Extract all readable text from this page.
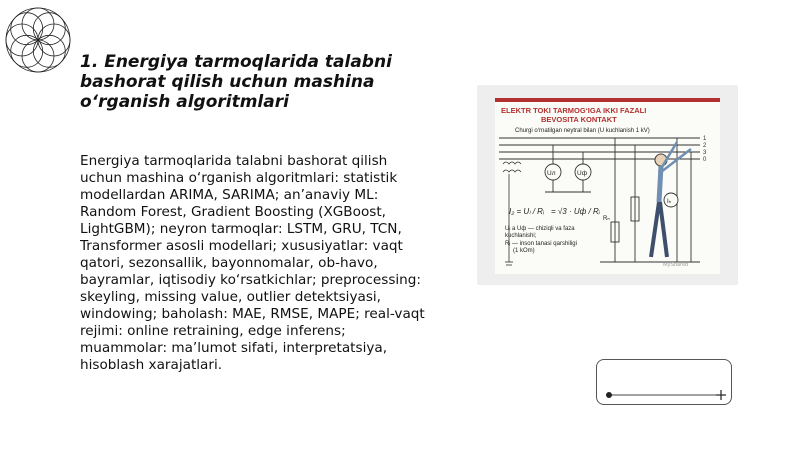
1. Energiya tarmoqlarida talabni bashorat qilish uchun mashina o‘rganish algoritmlari

Energiya tarmoqlarida talabni bashorat qilish uchun mashina o‘rganish algoritmlari: statistik modellardan ARIMA, SARIMA; an’anaviy ML: Random Forest, Gradient Boosting (XGBoost, LightGBM); neyron tarmoqlar: LSTM, GRU, TCN, Transformer asosli modellari; xususiyatlar: vaqt qatori, sezonsallik, bayonnomalar, ob-havo, bayramlar, iqtisodiy ko‘rsatkichlar; preprocessing: skeyling, missing value, outlier detektsiyasi, windowing; baholash: MAE, RMSE, MAPE; real-vaqt rejimi: online retraining, edge inferens; muammolar: ma’lumot sifati, interpretatsiya, hisoblash xarajatlari.

ELEKTR TOKI TARMOG‘IGA IKKI FAZALI
BEVOSITA KONTAKT
Churgi o‘rnatilgan neytral bilan (U kuchlanish 1 kV)
1
2
3
0
Uл	Uф
Rₙ
Iₕ
I₂ = Uₗ / Rᵢ = √3 · Uф / Rᵢ
Uₗ a Uф — chiziqli va faza
kuchlanishi;
Rᵢ — inson tanasi qarshiligi
(1 kOm)
MyShared
